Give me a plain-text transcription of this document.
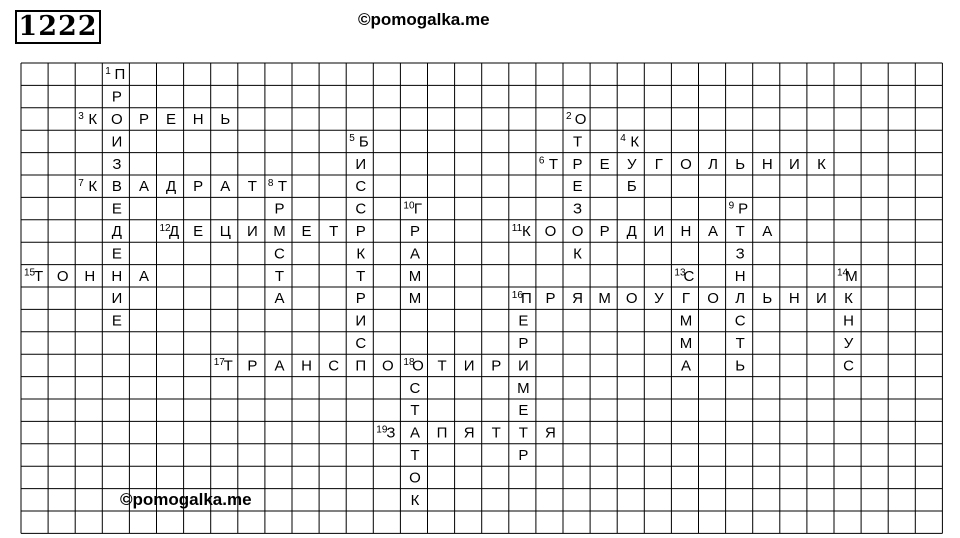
1222	©pomogalka.me
П
Р
О
И
З
В
Е
Д
Е
Н
И
Е
О
Т
Р
Е
З
О
К
К	Р Е Н Ь
К
У
Б
Б
И
С
С
Р
К
Т
Р
И
С
П
Т	Е	Г О Л Ь Н И К
К	А Д Р А Т Т
Р
М
С
Т
А
Р
Т
З
Н
Л
С
Т
Ь
Г
Р
А
М
М
К О	Р Д И Н А	А
Д Е Ц И	Е Т
С
Г
М
М
А
М
К
Н
У
С
Т О Н	А
П Р Я М О У	О	Ь Н И
Т Р А Н С	О О Т И Р
С
Т
А
Т
О
К
З	П Я Т Т Я
Е
Р
И
М
Е
Р
1
2
3
4
5
6
7	8
9
10
11
12
13	14
15
16
17	18
19
©pomogalka.me
